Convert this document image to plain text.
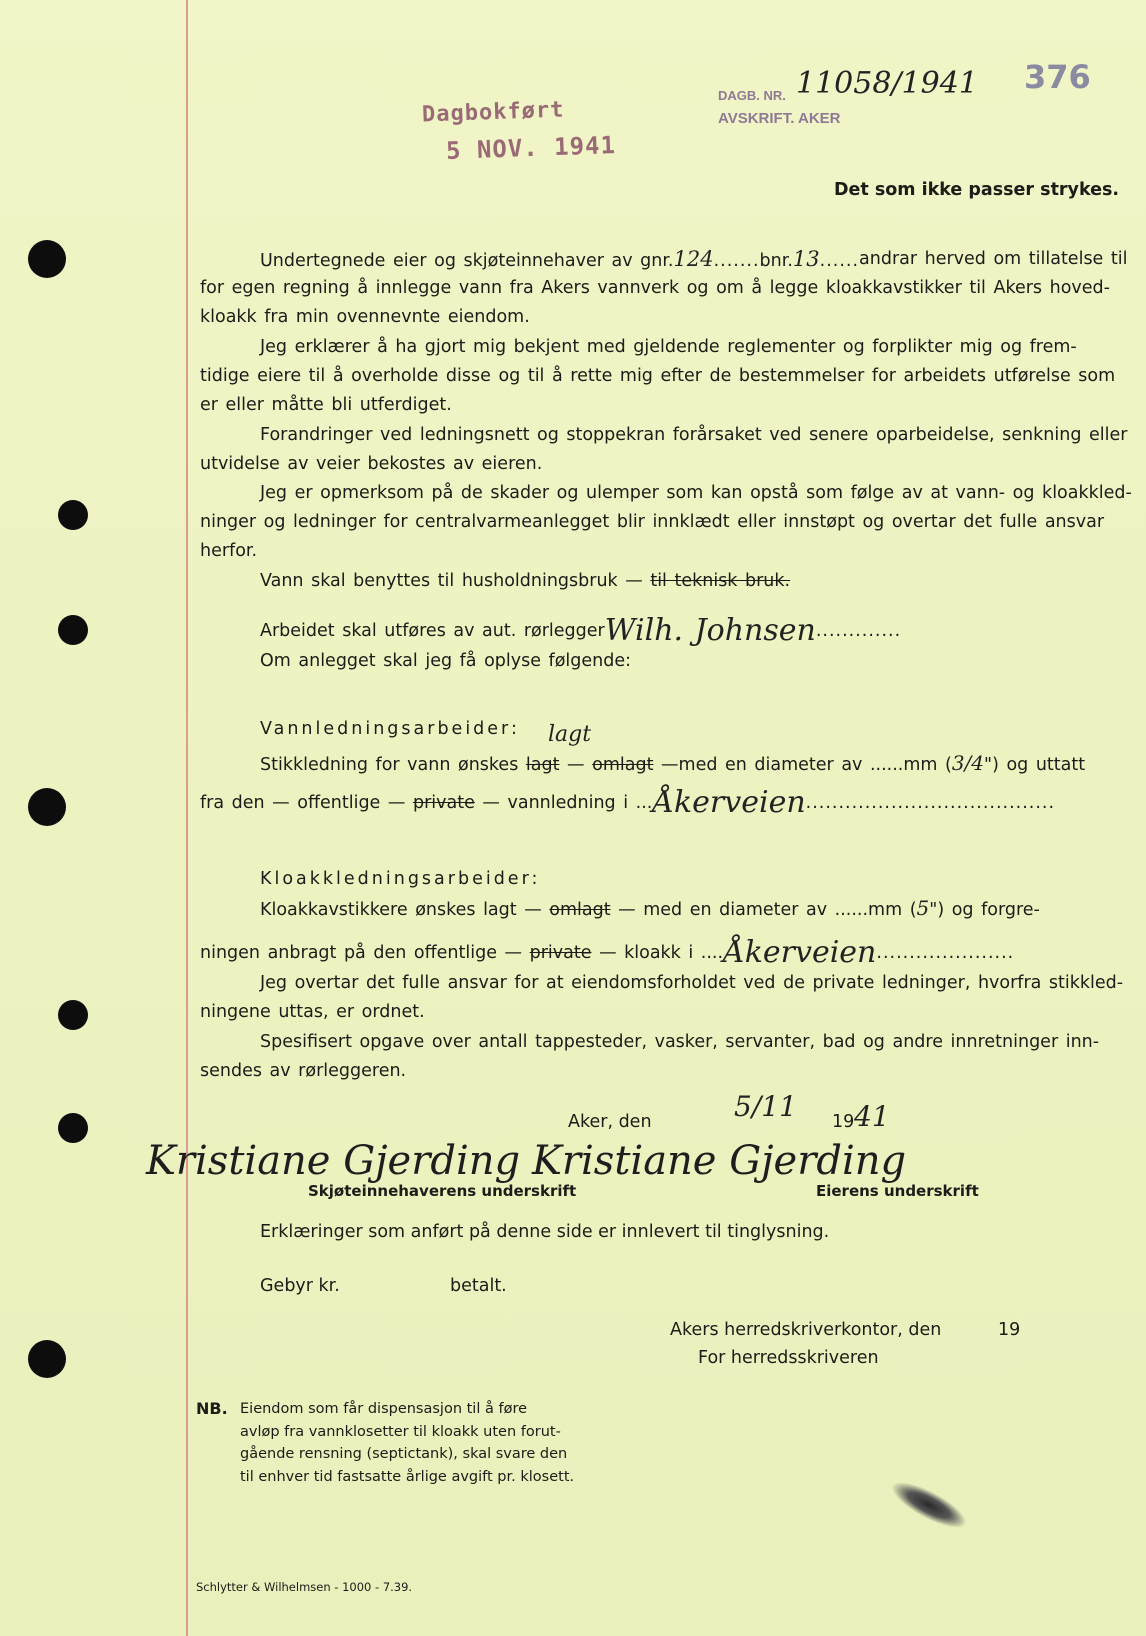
Dagbokført
5 NOV. 1941
DAGB. NR. 11058/1941
AVSKRIFT. AKER
376
Det som ikke passer strykes.
Undertegnede eier og skjøteinnehaver av gnr.124....... bnr.13...... andrar herved om tillatelse til
for egen regning å innlegge vann fra Akers vannverk og om å legge kloakkavstikker til Akers hoved-
kloakk fra min ovennevnte eiendom.
Jeg erklærer å ha gjort mig bekjent med gjeldende reglementer og forplikter mig og frem-
tidige eiere til å overholde disse og til å rette mig efter de bestemmelser for arbeidets utførelse som
er eller måtte bli utferdiget.
Forandringer ved ledningsnett og stoppekran forårsaket ved senere oparbeidelse, senkning eller
utvidelse av veier bekostes av eieren.
Jeg er opmerksom på de skader og ulemper som kan opstå som følge av at vann- og kloakkled-
ninger og ledninger for centralvarmeanlegget blir innklædt eller innstøpt og overtar det fulle ansvar
herfor.
Vann skal benyttes til husholdningsbruk —
til teknisk bruk.
Arbeidet skal utføres av aut. rørlegger Wilh. Johnsen .............
Om anlegget skal jeg få oplyse følgende:
Vannledningsarbeider: lagt
Stikkledning for vann ønskes lagt — omlagt —med en diameter av ......mm (3/4") og uttatt
fra den — offentlige —
private
— vannledning i ... Åkerveien ......................................
Kloakkledningsarbeider:
Kloakkavstikkere ønskes lagt — omlagt — med en diameter av ......mm (5") og forgre-
ningen anbragt på den offentlige —
private
— kloakk i .... Åkerveien .....................
Jeg overtar det fulle ansvar for at eiendomsforholdet ved de private ledninger, hvorfra stikkled-
ningene uttas, er ordnet.
Spesifisert opgave over antall tappesteder, vasker, servanter, bad og andre innretninger inn-
sendes av rørleggeren.
Aker, den	5/11 19 41
Kristiane Gjerding Kristiane Gjerding
Skjøteinnehaverens underskrift	Eierens underskrift
Erklæringer som anført på denne side er innlevert til tinglysning.
Gebyr kr.	betalt.
Akers herredskriverkontor, den	19
For herredsskriveren
NB. Eiendom som får dispensasjon til å føre
avløp fra vannklosetter til kloakk uten forut-
gående rensning (septictank), skal svare den
til enhver tid fastsatte årlige avgift pr. klosett.
Schlytter & Wilhelmsen - 1000 - 7.39.
